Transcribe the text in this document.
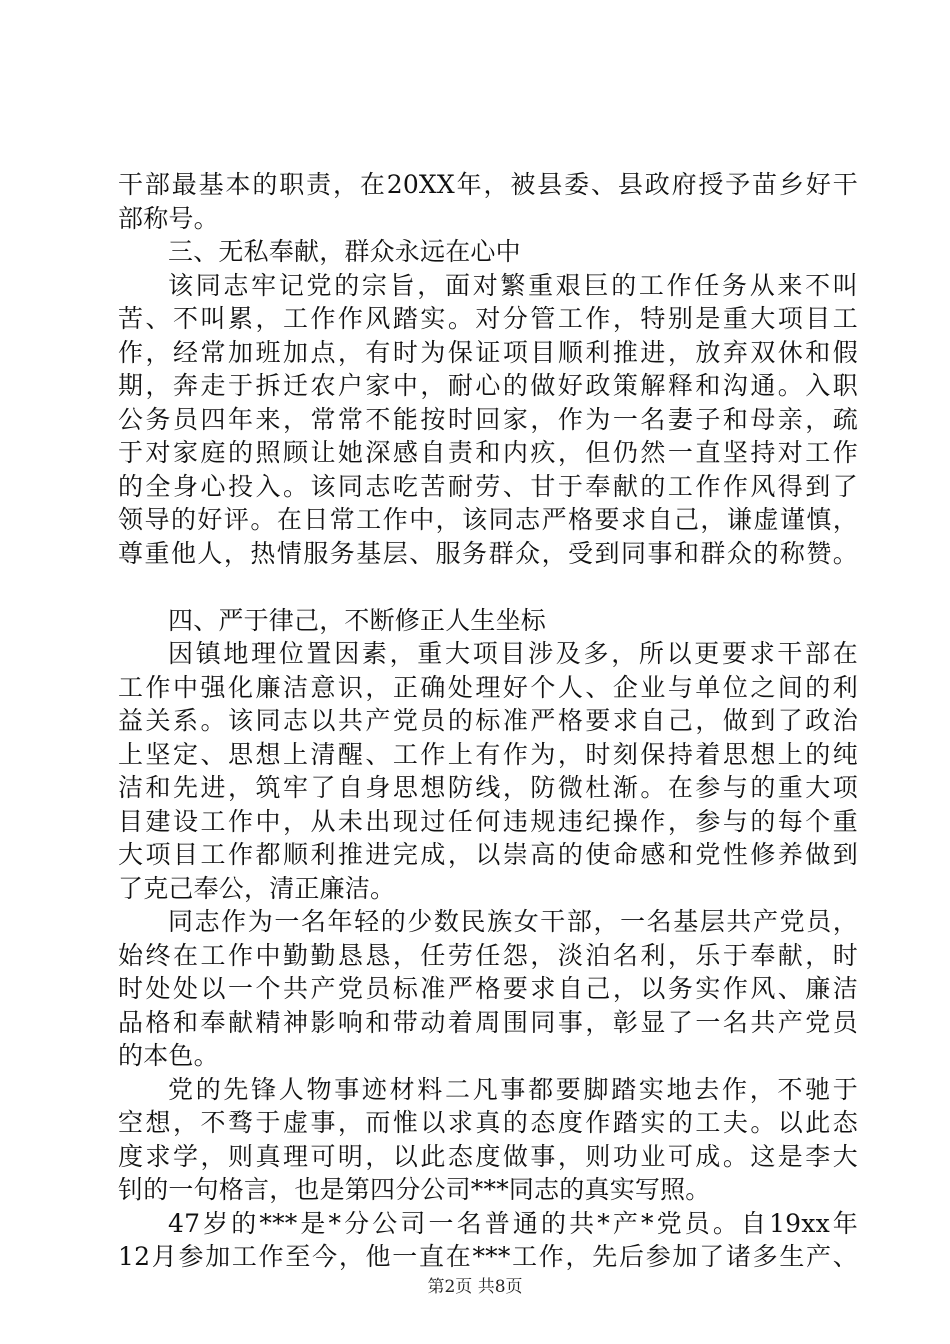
干部最基本的职责，在20XX年，被县委、县政府授予苗乡好干
部称号。
三、无私奉献，群众永远在心中
该同志牢记党的宗旨，面对繁重艰巨的工作任务从来不叫
苦、不叫累，工作作风踏实。对分管工作，特别是重大项目工
作，经常加班加点，有时为保证项目顺利推进，放弃双休和假
期，奔走于拆迁农户家中，耐心的做好政策解释和沟通。入职
公务员四年来，常常不能按时回家，作为一名妻子和母亲，疏
于对家庭的照顾让她深感自责和内疚，但仍然一直坚持对工作
的全身心投入。该同志吃苦耐劳、甘于奉献的工作作风得到了
领导的好评。在日常工作中，该同志严格要求自己，谦虚谨慎，
尊重他人，热情服务基层、服务群众，受到同事和群众的称赞。
四、严于律己，不断修正人生坐标
因镇地理位置因素，重大项目涉及多，所以更要求干部在
工作中强化廉洁意识，正确处理好个人、企业与单位之间的利
益关系。该同志以共产党员的标准严格要求自己，做到了政治
上坚定、思想上清醒、工作上有作为，时刻保持着思想上的纯
洁和先进，筑牢了自身思想防线，防微杜渐。在参与的重大项
目建设工作中，从未出现过任何违规违纪操作，参与的每个重
大项目工作都顺利推进完成，以崇高的使命感和党性修养做到
了克己奉公，清正廉洁。
同志作为一名年轻的少数民族女干部，一名基层共产党员，
始终在工作中勤勤恳恳，任劳任怨，淡泊名利，乐于奉献，时
时处处以一个共产党员标准严格要求自己，以务实作风、廉洁
品格和奉献精神影响和带动着周围同事，彰显了一名共产党员
的本色。
党的先锋人物事迹材料二凡事都要脚踏实地去作，不驰于
空想，不骛于虚事，而惟以求真的态度作踏实的工夫。以此态
度求学，则真理可明，以此态度做事，则功业可成。这是李大
钊的一句格言，也是第四分公司***同志的真实写照。
47岁的***是*分公司一名普通的共*产*党员。自19xx年
12月参加工作至今，他一直在***工作，先后参加了诸多生产、
第2页 共8页
